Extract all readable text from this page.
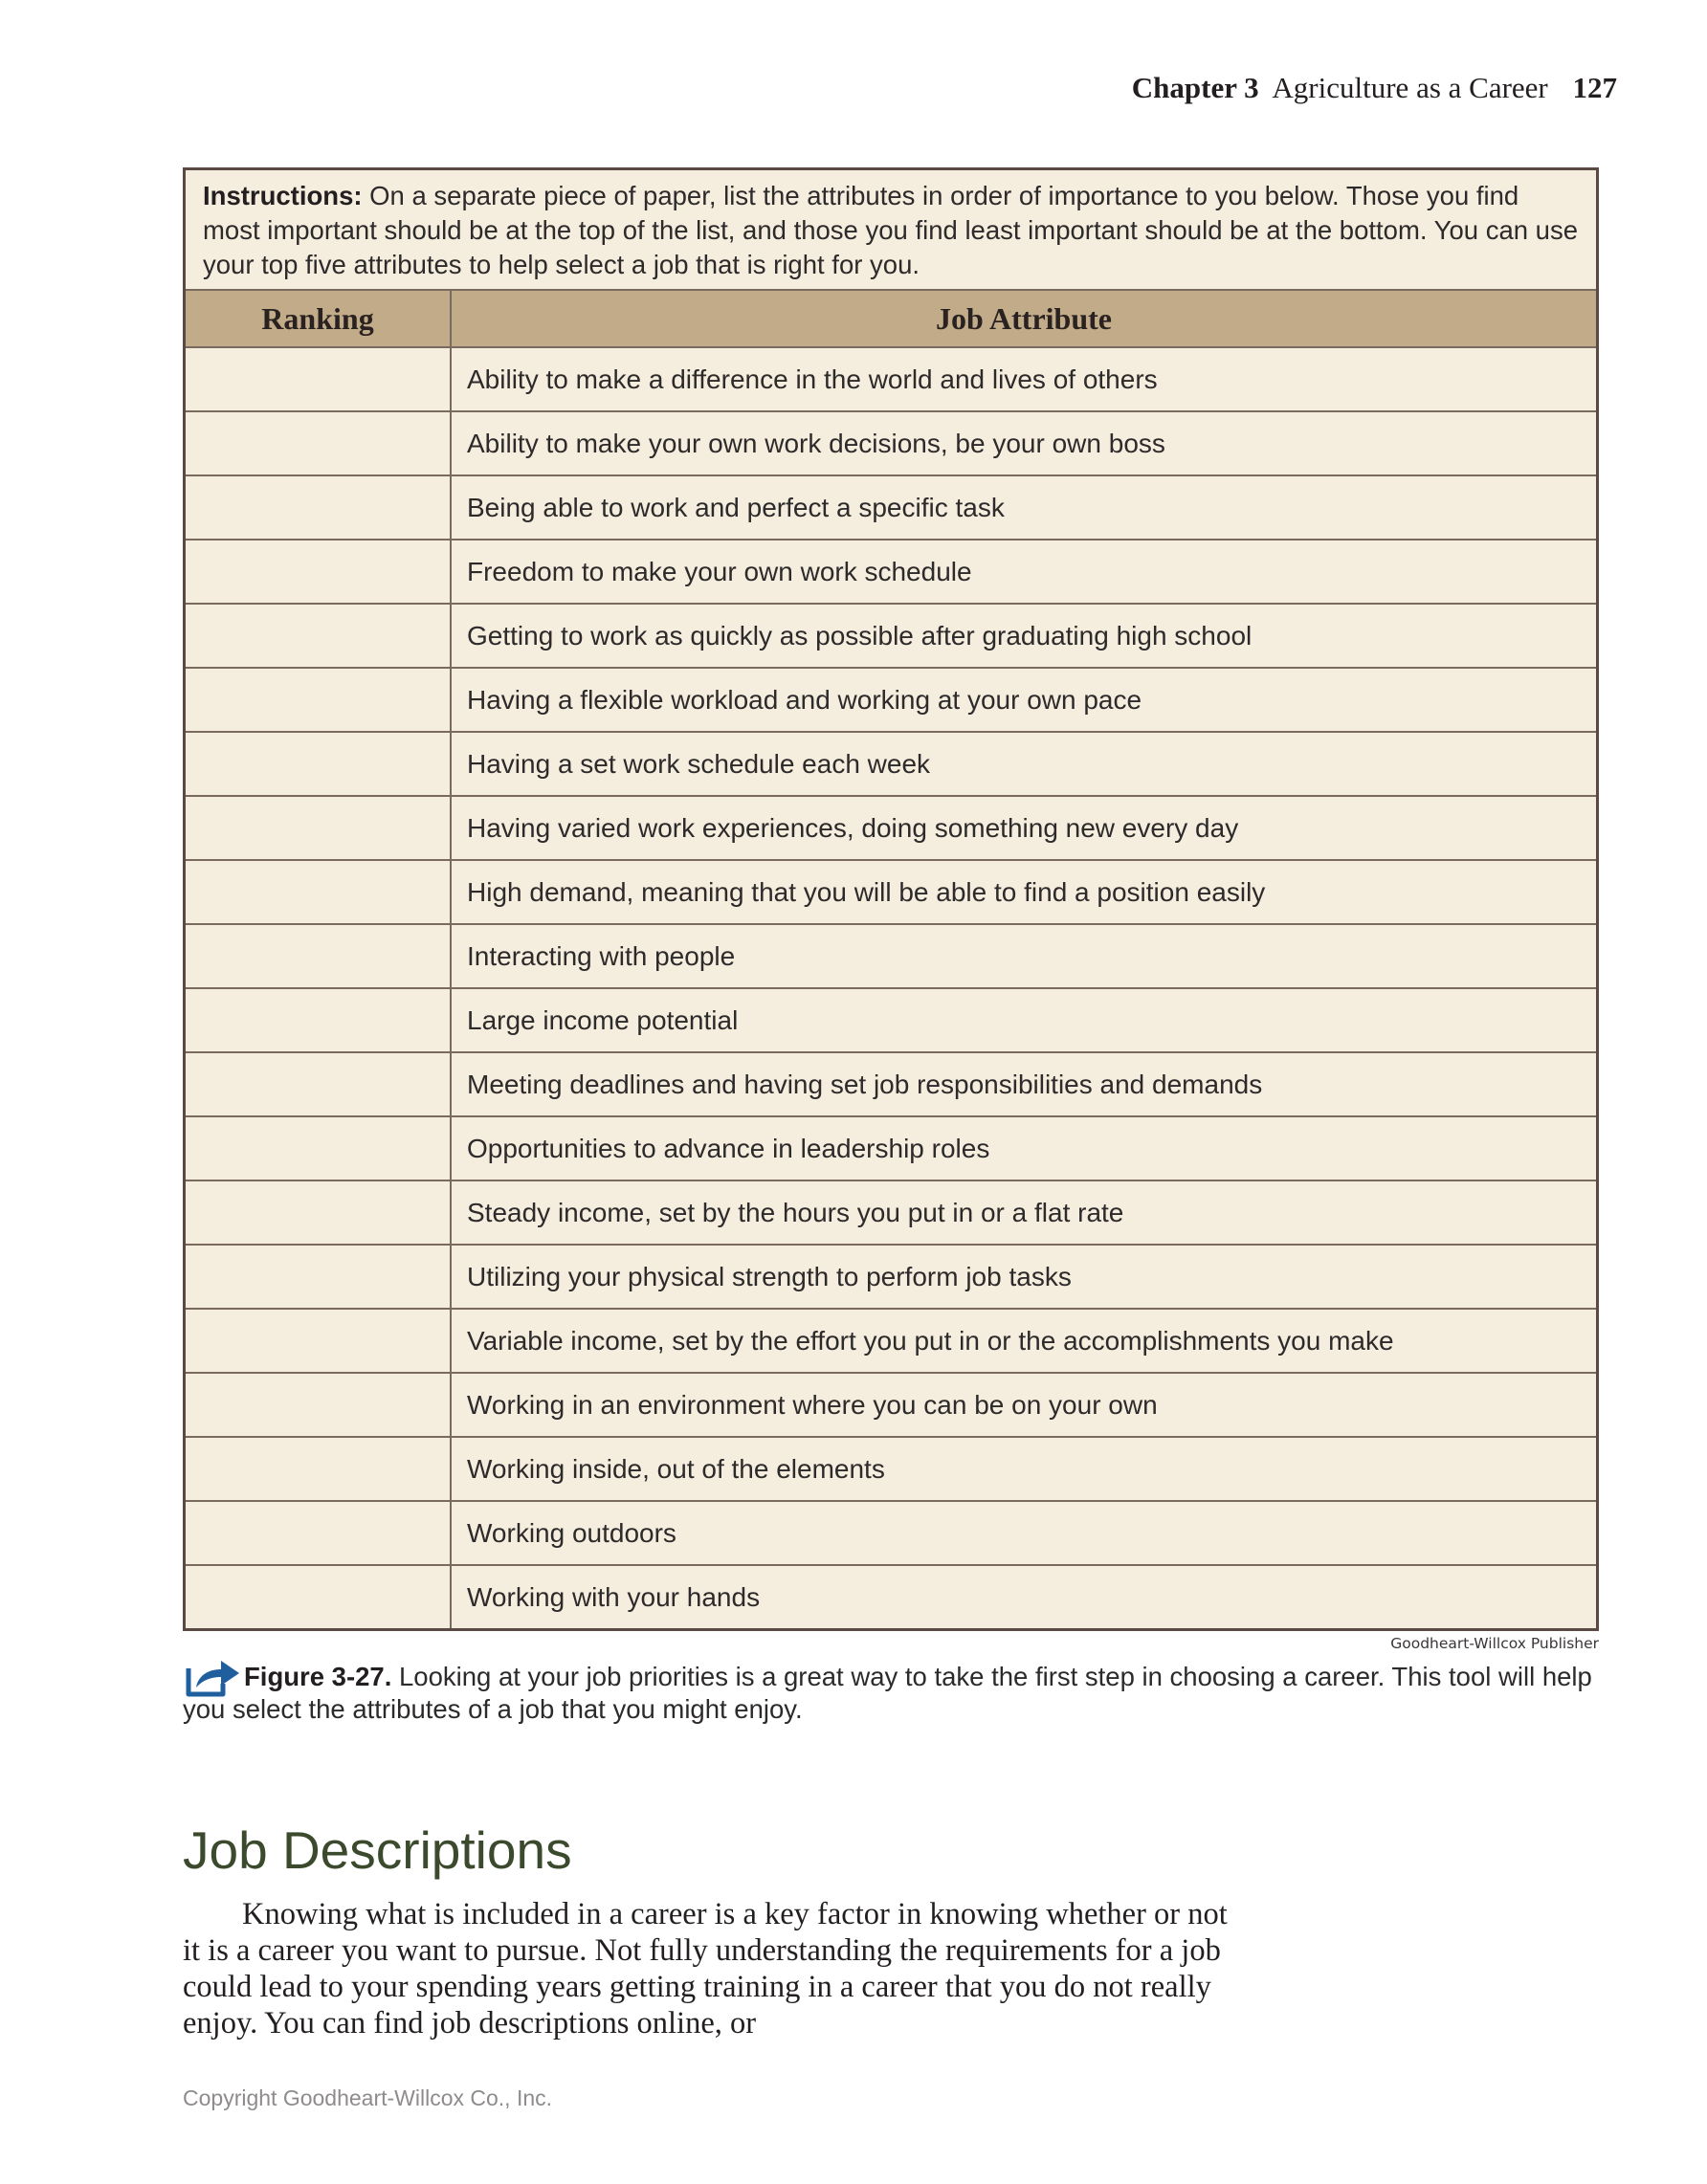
Chapter 3 Agriculture as a Career 127
Instructions: On a separate piece of paper, list the attributes in order of importance to you below. Those you find most important should be at the top of the list, and those you find least important should be at the bottom. You can use your top five attributes to help select a job that is right for you.
Ranking	Job Attribute
	Ability to make a difference in the world and lives of others
	Ability to make your own work decisions, be your own boss
	Being able to work and perfect a specific task
	Freedom to make your own work schedule
	Getting to work as quickly as possible after graduating high school
	Having a flexible workload and working at your own pace
	Having a set work schedule each week
	Having varied work experiences, doing something new every day
	High demand, meaning that you will be able to find a position easily
	Interacting with people
	Large income potential
	Meeting deadlines and having set job responsibilities and demands
	Opportunities to advance in leadership roles
	Steady income, set by the hours you put in or a flat rate
	Utilizing your physical strength to perform job tasks
	Variable income, set by the effort you put in or the accomplishments you make
	Working in an environment where you can be on your own
	Working inside, out of the elements
	Working outdoors
	Working with your hands
Goodheart-Willcox Publisher
Figure 3-27. Looking at your job priorities is a great way to take the first step in choosing a career. This tool will help you select the attributes of a job that you might enjoy.
Job Descriptions
Knowing what is included in a career is a key factor in knowing whether or not it is a career you want to pursue. Not fully understanding the requirements for a job could lead to your spending years getting training in a career that you do not really enjoy. You can find job descriptions online, or
Copyright Goodheart-Willcox Co., Inc.
